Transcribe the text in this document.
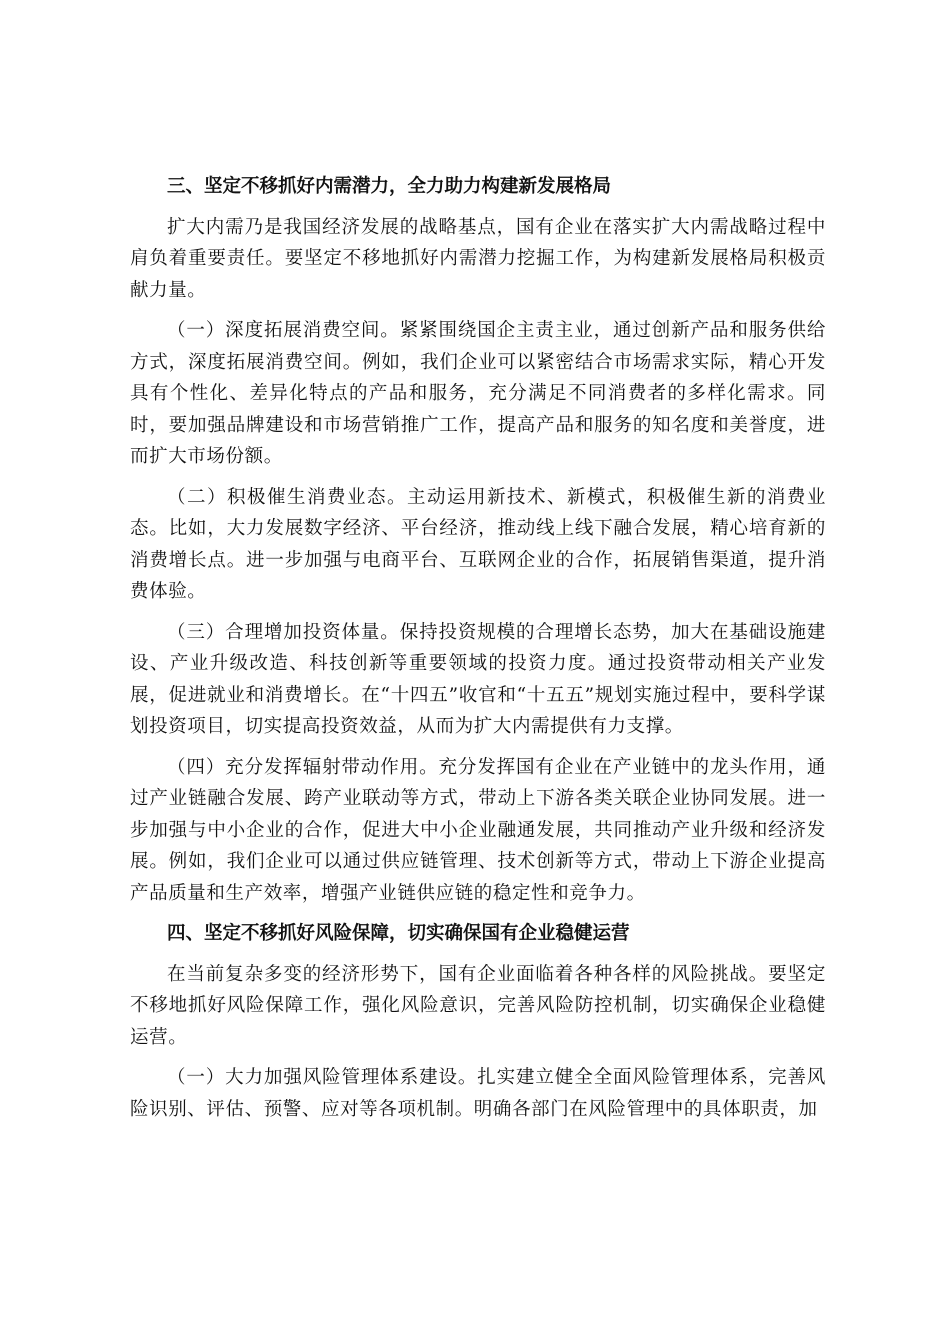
三、坚定不移抓好内需潜力，全力助力构建新发展格局

扩大内需乃是我国经济发展的战略基点，国有企业在落实扩大内需战略过程中肩负着重要责任。要坚定不移地抓好内需潜力挖掘工作，为构建新发展格局积极贡献力量。

（一）深度拓展消费空间。紧紧围绕国企主责主业，通过创新产品和服务供给方式，深度拓展消费空间。例如，我们企业可以紧密结合市场需求实际，精心开发具有个性化、差异化特点的产品和服务，充分满足不同消费者的多样化需求。同时，要加强品牌建设和市场营销推广工作，提高产品和服务的知名度和美誉度，进而扩大市场份额。

（二）积极催生消费业态。主动运用新技术、新模式，积极催生新的消费业态。比如，大力发展数字经济、平台经济，推动线上线下融合发展，精心培育新的消费增长点。进一步加强与电商平台、互联网企业的合作，拓展销售渠道，提升消费体验。

（三）合理增加投资体量。保持投资规模的合理增长态势，加大在基础设施建设、产业升级改造、科技创新等重要领域的投资力度。通过投资带动相关产业发展，促进就业和消费增长。在“十四五”收官和“十五五”规划实施过程中，要科学谋划投资项目，切实提高投资效益，从而为扩大内需提供有力支撑。

（四）充分发挥辐射带动作用。充分发挥国有企业在产业链中的龙头作用，通过产业链融合发展、跨产业联动等方式，带动上下游各类关联企业协同发展。进一步加强与中小企业的合作，促进大中小企业融通发展，共同推动产业升级和经济发展。例如，我们企业可以通过供应链管理、技术创新等方式，带动上下游企业提高产品质量和生产效率，增强产业链供应链的稳定性和竞争力。

四、坚定不移抓好风险保障，切实确保国有企业稳健运营

在当前复杂多变的经济形势下，国有企业面临着各种各样的风险挑战。要坚定不移地抓好风险保障工作，强化风险意识，完善风险防控机制，切实确保企业稳健运营。

（一）大力加强风险管理体系建设。扎实建立健全全面风险管理体系，完善风险识别、评估、预警、应对等各项机制。明确各部门在风险管理中的具体职责，加
